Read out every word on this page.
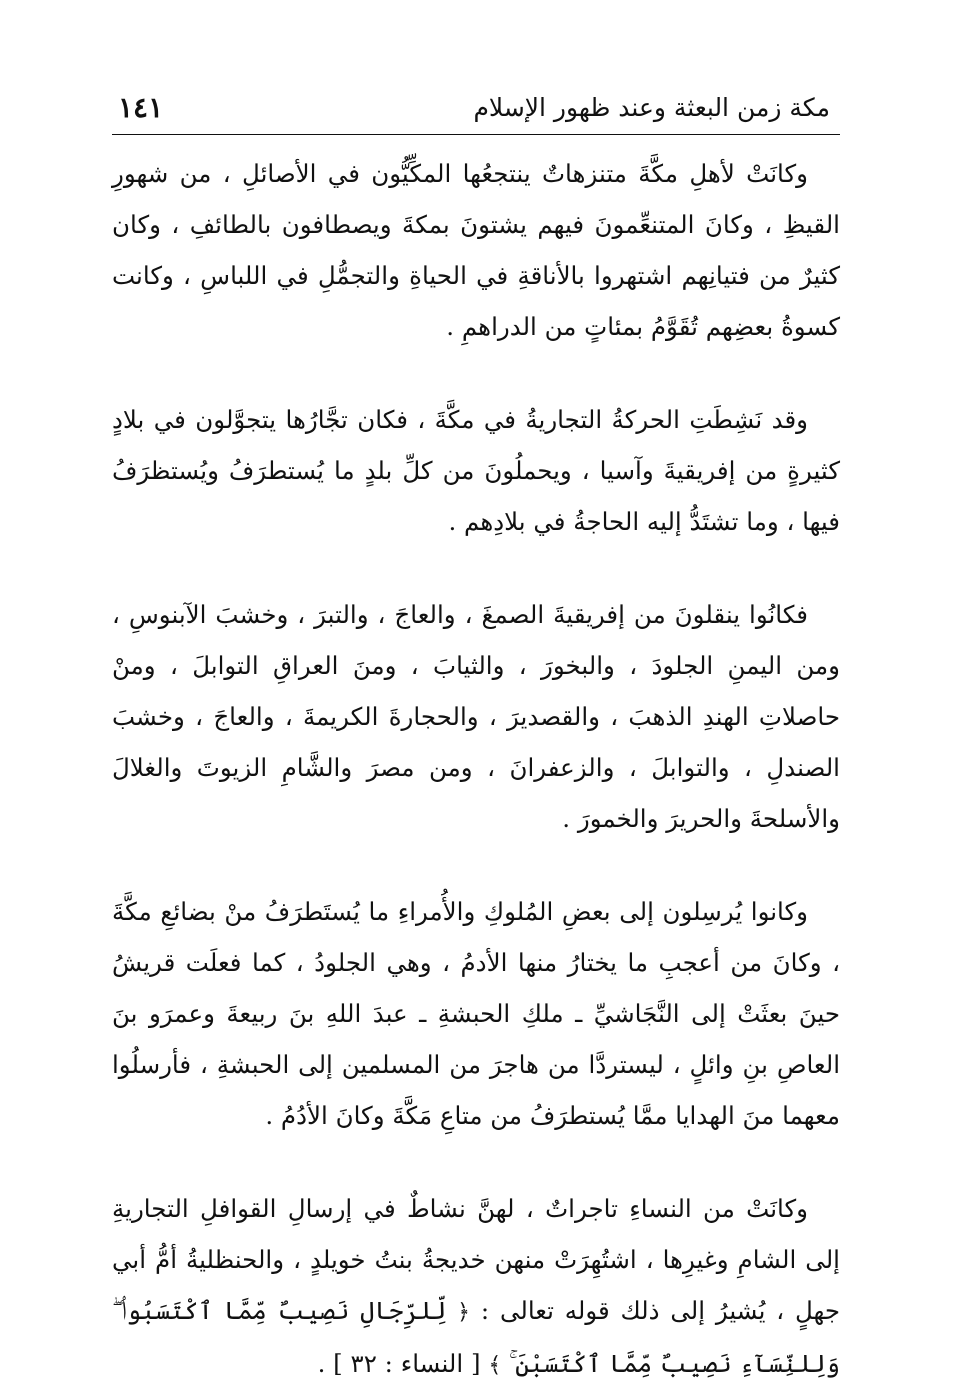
مكة زمن البعثة وعند ظهور الإسلام
١٤١

وكانَتْ لأهلِ مكَّةَ متنزهاتٌ ينتجعُها المكِّيُّون في الأصائلِ ، من شهورِ القيظِ ، وكانَ المتنعِّمونَ فيهم يشتونَ بمكةَ ويصطافون بالطائفِ ، وكان كثيرٌ من فتيانِهم اشتهروا بالأناقةِ في الحياةِ والتجمُّلِ في اللباسِ ، وكانت كسوةُ بعضِهم تُقَوَّمُ بمئاتٍ من الدراهمِ .

وقد نَشِطَتِ الحركةُ التجاريةُ في مكَّةَ ، فكان تجَّارُها يتجوَّلون في بلادٍ كثيرةٍ من إفريقيةَ وآسيا ، ويحملُونَ من كلِّ بلدٍ ما يُستطرَفُ ويُستظرَفُ فيها ، وما تشتَدُّ إليه الحاجةُ في بلادِهم .

فكانُوا ينقلونَ من إفريقيةَ الصمغَ ، والعاجَ ، والتبرَ ، وخشبَ الآبنوسِ ، ومن اليمنِ الجلودَ ، والبخورَ ، والثيابَ ، ومنَ العراقِ التوابلَ ، ومنْ حاصلاتِ الهندِ الذهبَ ، والقصديرَ ، والحجارةَ الكريمةَ ، والعاجَ ، وخشبَ الصندلِ ، والتوابلَ ، والزعفرانَ ، ومن مصرَ والشَّامِ الزيوتَ والغلالَ والأسلحةَ والحريرَ والخمورَ .

وكانوا يُرسِلون إلى بعضِ المُلوكِ والأُمراءِ ما يُستَطرَفُ منْ بضائعِ مكَّةَ ، وكانَ من أعجبِ ما يختارُ منها الأدمُ ، وهي الجلودُ ، كما فعلَت قريشُ حينَ بعثَتْ إلى النَّجَاشيِّ ـ ملكِ الحبشةِ ـ عبدَ اللهِ بنَ ربيعةَ وعمرَو بنَ العاصِ بنِ وائلٍ ، ليستردَّا من هاجرَ من المسلمين إلى الحبشةِ ، فأرسلُوا معهما منَ الهدايا ممَّا يُستطرَفُ من متاعِ مَكَّةَ وكانَ الأدُمُ .

وكانَتْ من النساءِ تاجراتٌ ، لهنَّ نشاطٌ في إرسالِ القوافلِ التجاريةِ إلى الشامِ وغيرِها ، اشتُهِرَتْ منهن خديجةُ بنتُ خويلدٍ ، والحنظليةُ أمُّ أبي جهلٍ ، يُشيرُ إلى ذلك قوله تعالى : ﴿ لِّلرِّجَالِ نَصِيبٌ مِّمَّا ٱكْتَسَبُوا۟ ۖ وَلِلنِّسَآءِ نَصِيبٌ مِّمَّا ٱكْتَسَبْنَ ۚ ﴾ [ النساء : ٣٢ ] .
